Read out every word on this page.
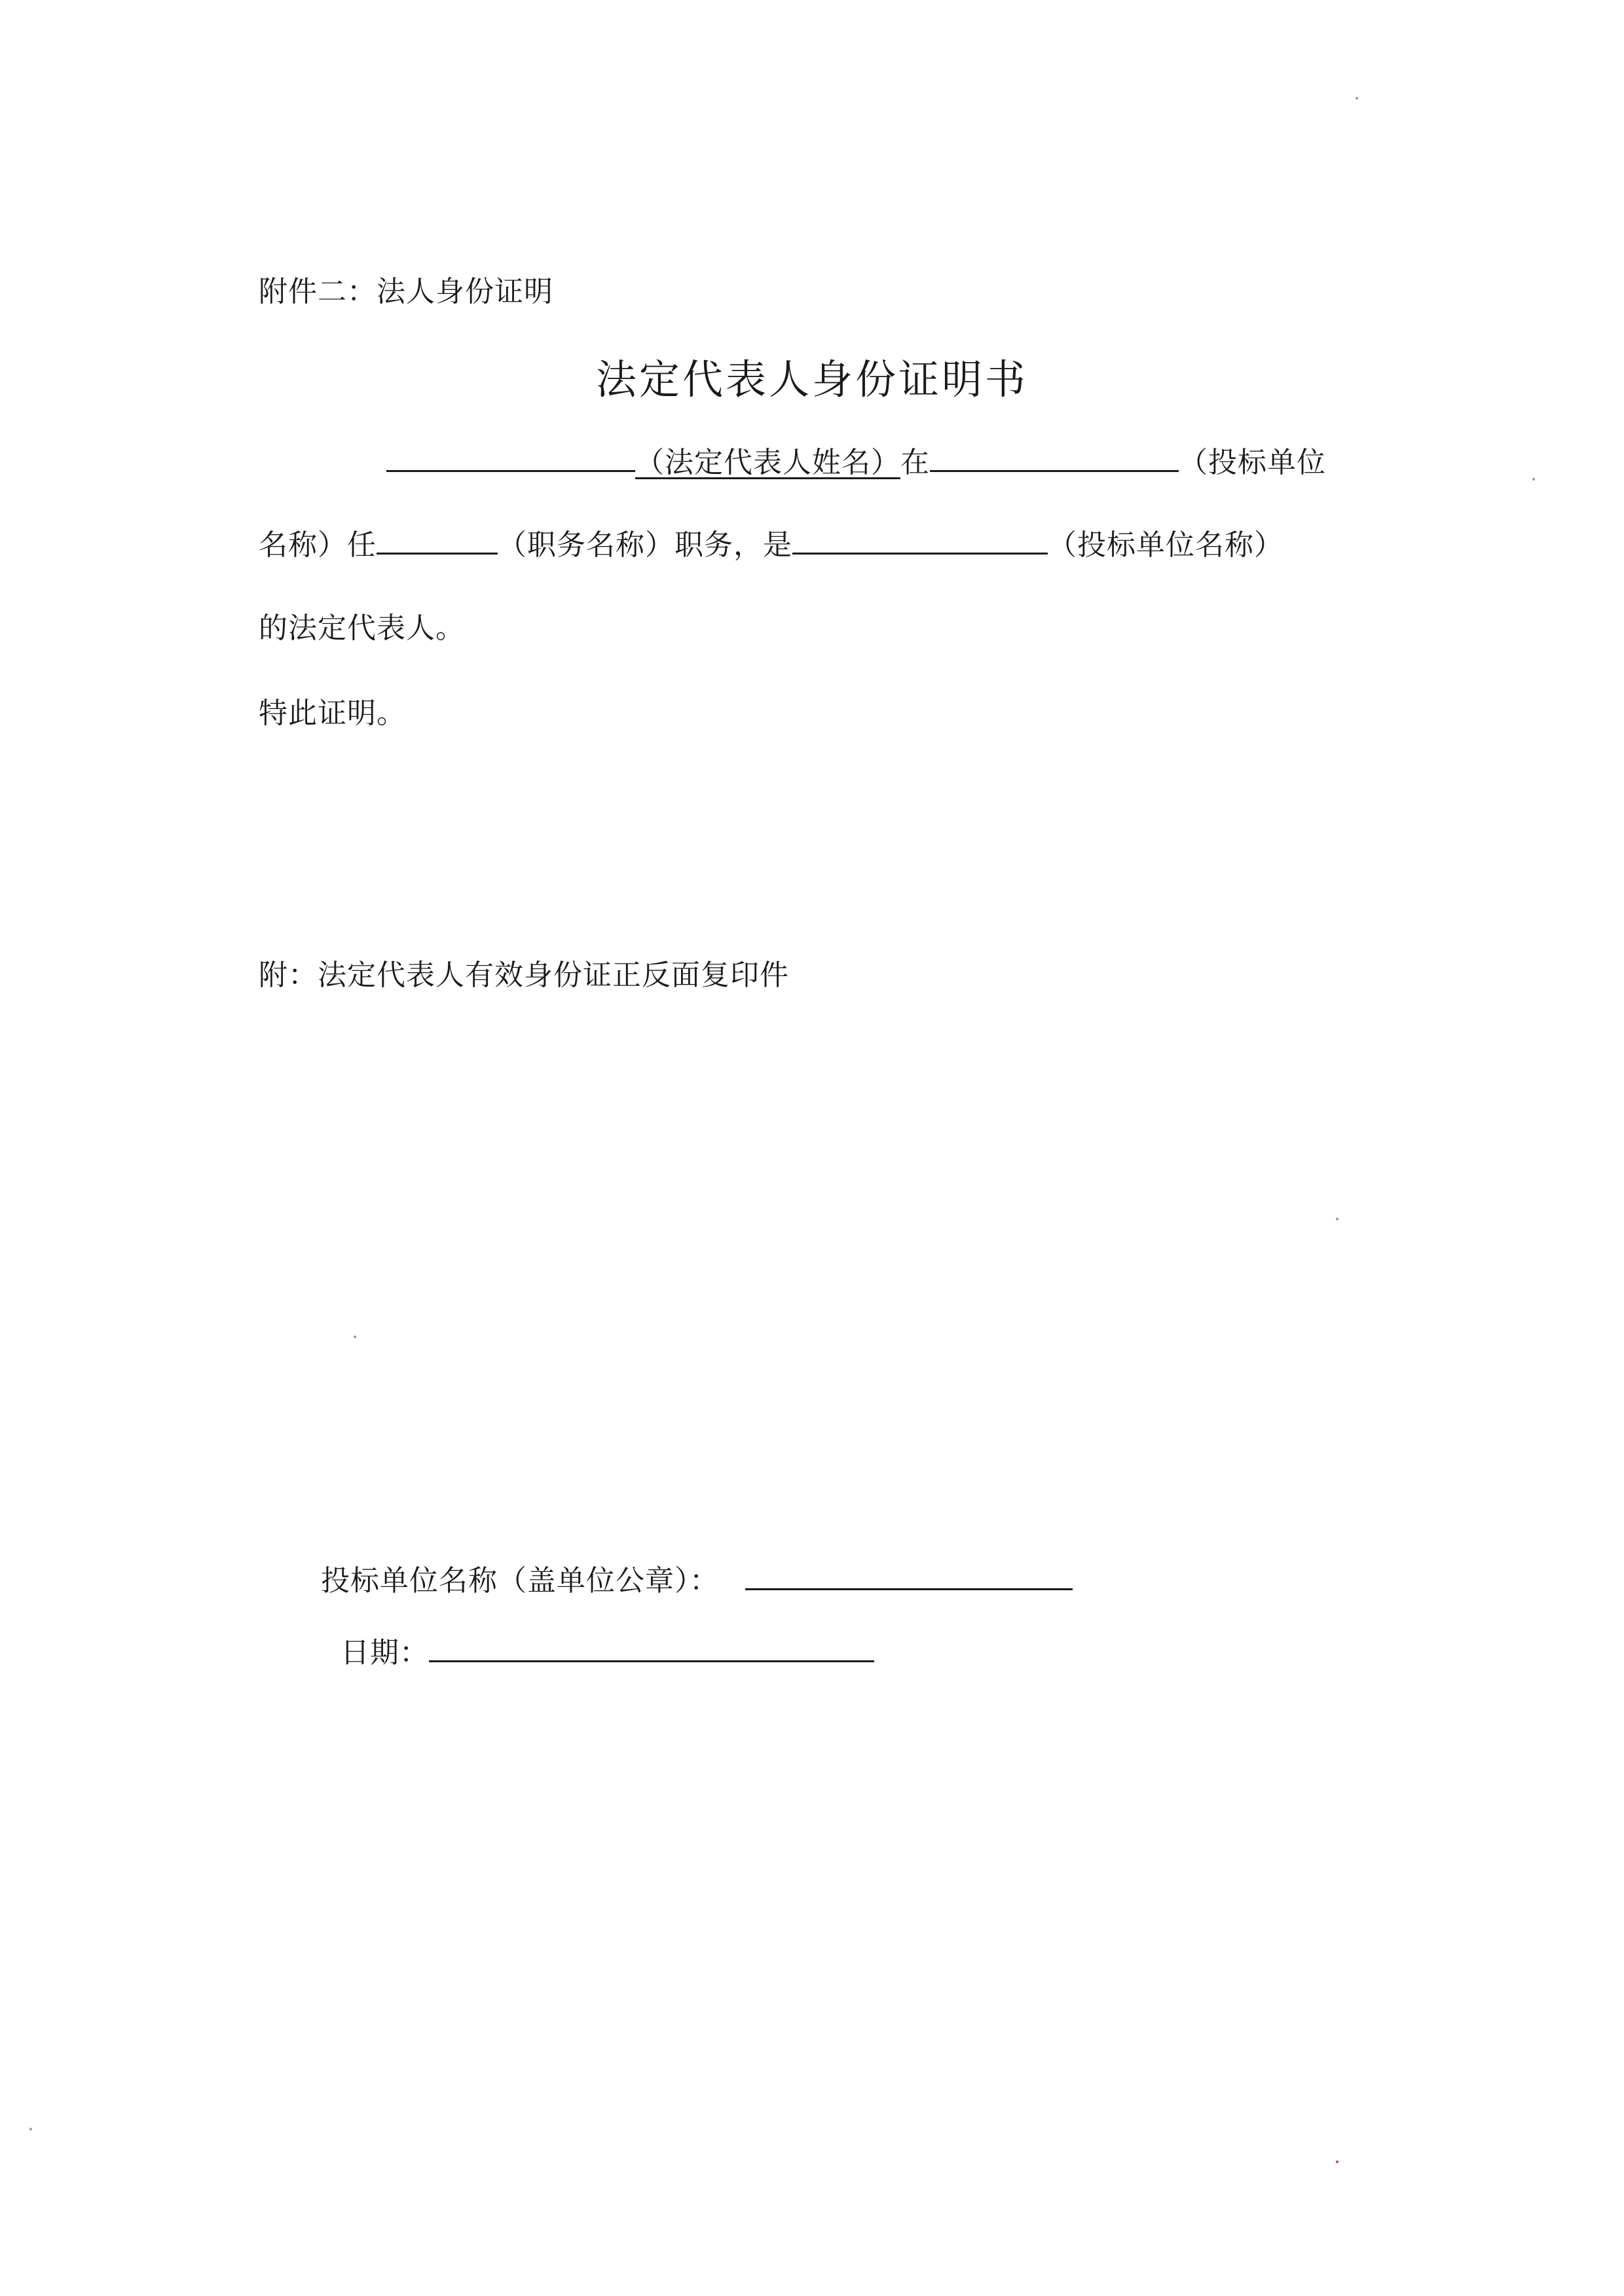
附件二：法人身份证明
法定代表人身份证明书
（法定代表人姓名）在	（投标单位
名称）任	（职务名称）职务，是	（投标单位名称）
的法定代表人。
特此证明。
附：法定代表人有效身份证正反面复印件
投标单位名称（盖单位公章）：
日期：
